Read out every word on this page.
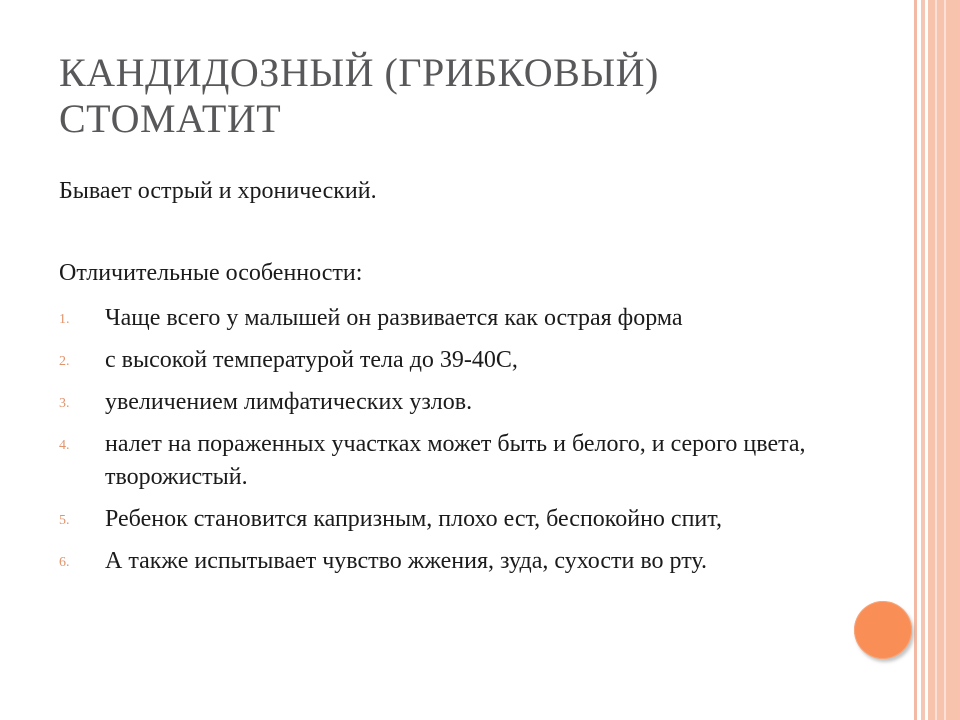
КАНДИДОЗНЫЙ (ГРИБКОВЫЙ) СТОМАТИТ

Бывает острый и хронический.

Отличительные особенности:

1. Чаще всего у малышей он развивается как острая форма
2. с высокой температурой тела до 39-40С,
3. увеличением лимфатических узлов.
4. налет на пораженных участках может быть и белого, и серого цвета, творожистый.
5. Ребенок становится капризным, плохо ест, беспокойно спит,
6. А также испытывает чувство жжения, зуда, сухости во рту.
